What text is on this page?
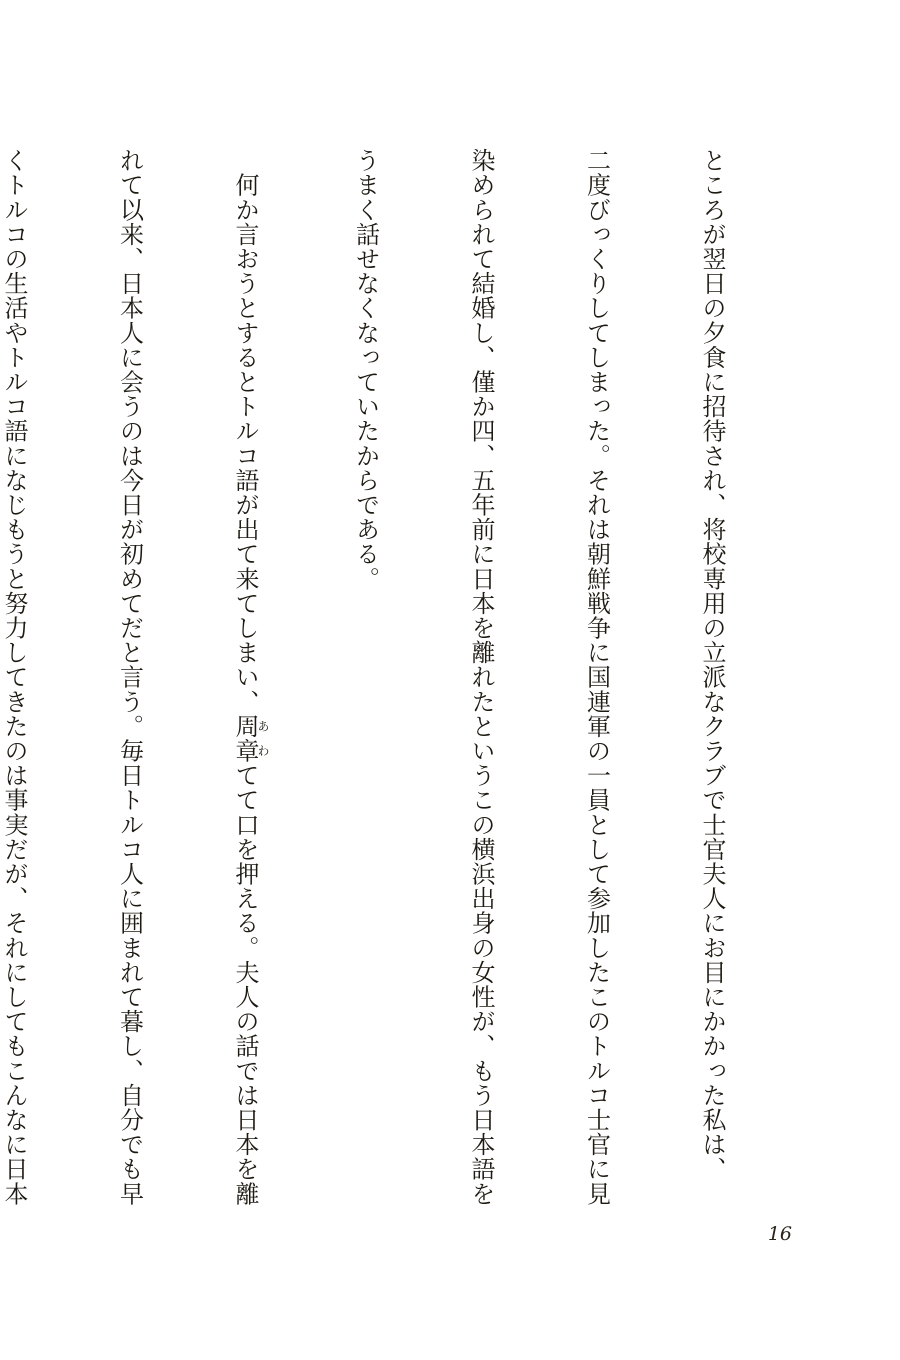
ところが翌日の夕食に招待され、将校専用の立派なクラブで士官夫人にお目にかかった私は、

二度びっくりしてしまった。それは朝鮮戦争に国連軍の一員として参加したこのトルコ士官に見

染められて結婚し、僅か四、五年前に日本を離れたというこの横浜出身の女性が、もう日本語を

うまく話せなくなっていたからである。

　何か言おうとするとトルコ語が出て来てしまい、周章あわてて口を押える。夫人の話では日本を離

れて以来、日本人に会うのは今日が初めてだと言う。毎日トルコ人に囲まれて暮し、自分でも早

くトルコの生活やトルコ語になじもうと努力してきたのは事実だが、それにしてもこんなに日本

16
